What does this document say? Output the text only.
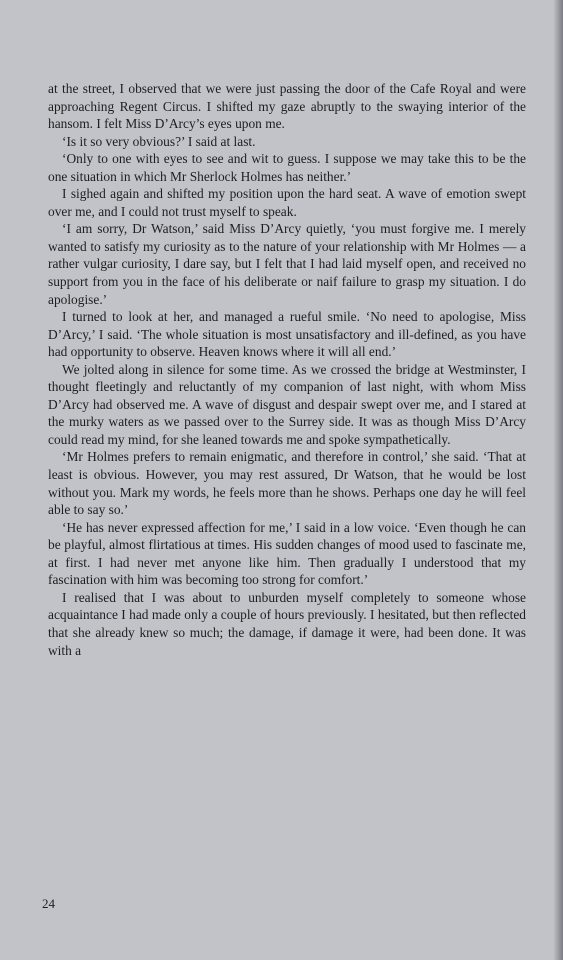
at the street, I observed that we were just passing the door of the Cafe Royal and were approaching Regent Circus. I shifted my gaze abruptly to the swaying interior of the hansom. I felt Miss D’Arcy’s eyes upon me.

‘Is it so very obvious?’ I said at last.

‘Only to one with eyes to see and wit to guess. I suppose we may take this to be the one situation in which Mr Sherlock Holmes has neither.’

I sighed again and shifted my position upon the hard seat. A wave of emotion swept over me, and I could not trust myself to speak.

‘I am sorry, Dr Watson,’ said Miss D’Arcy quietly, ‘you must forgive me. I merely wanted to satisfy my curiosity as to the nature of your relationship with Mr Holmes — a rather vulgar curiosity, I dare say, but I felt that I had laid myself open, and received no support from you in the face of his deliberate or naif failure to grasp my situation. I do apologise.’

I turned to look at her, and managed a rueful smile. ‘No need to apologise, Miss D’Arcy,’ I said. ‘The whole situation is most unsatisfactory and ill-defined, as you have had opportunity to observe. Heaven knows where it will all end.’

We jolted along in silence for some time. As we crossed the bridge at Westminster, I thought fleetingly and reluctantly of my companion of last night, with whom Miss D’Arcy had observed me. A wave of disgust and despair swept over me, and I stared at the murky waters as we passed over to the Surrey side. It was as though Miss D’Arcy could read my mind, for she leaned towards me and spoke sympathetically.

‘Mr Holmes prefers to remain enigmatic, and therefore in control,’ she said. ‘That at least is obvious. However, you may rest assured, Dr Watson, that he would be lost without you. Mark my words, he feels more than he shows. Perhaps one day he will feel able to say so.’

‘He has never expressed affection for me,’ I said in a low voice. ‘Even though he can be playful, almost flirtatious at times. His sudden changes of mood used to fascinate me, at first. I had never met anyone like him. Then gradually I understood that my fascination with him was becoming too strong for comfort.’

I realised that I was about to unburden myself completely to someone whose acquaintance I had made only a couple of hours previously. I hesitated, but then reflected that she already knew so much; the damage, if damage it were, had been done. It was with a

24
